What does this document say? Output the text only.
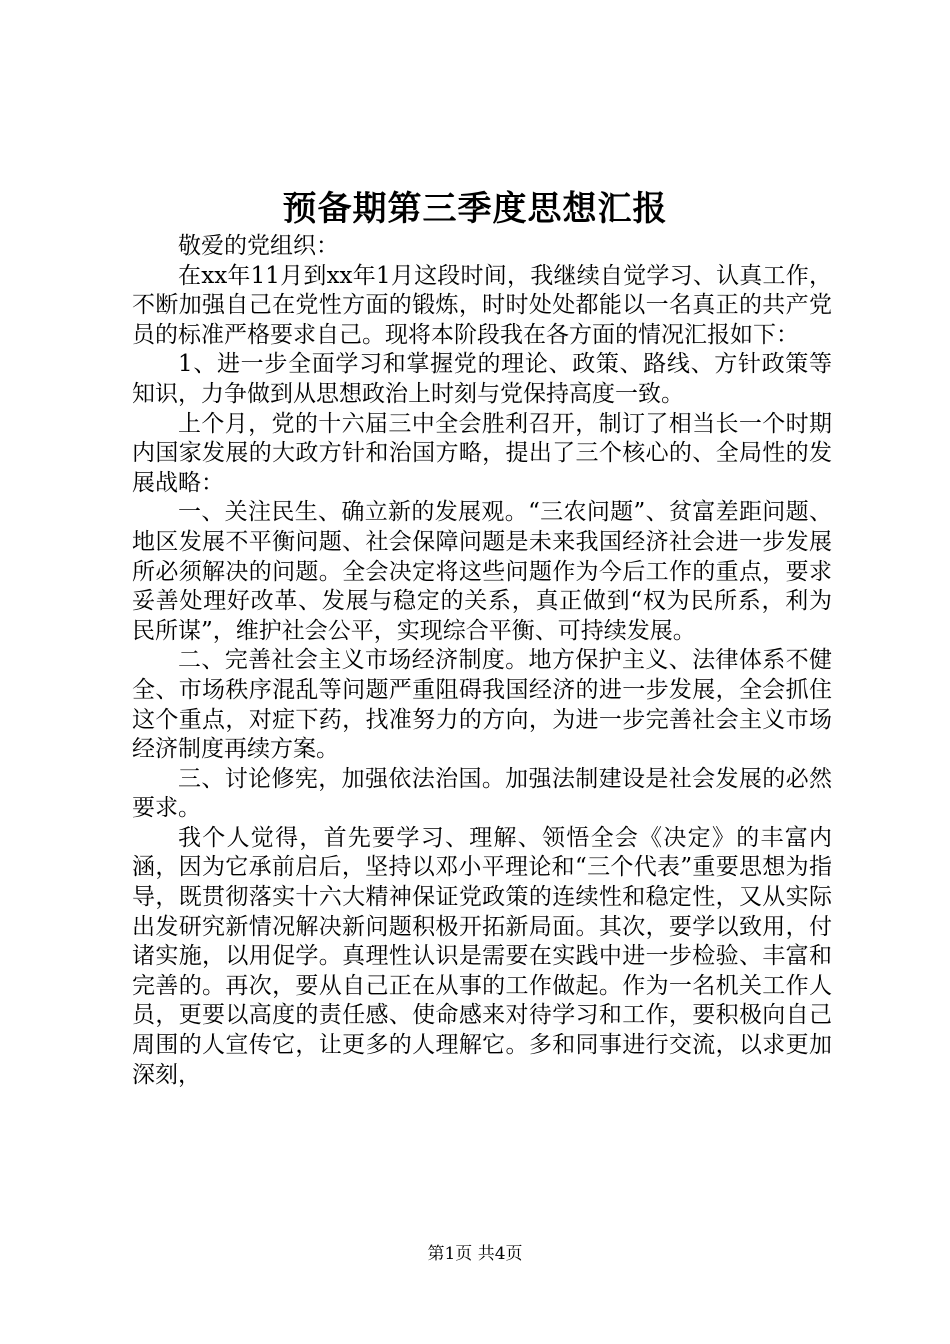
预备期第三季度思想汇报

敬爱的党组织：

在xx年11月到xx年1月这段时间，我继续自觉学习、认真工作，不断加强自己在党性方面的锻炼，时时处处都能以一名真正的共产党员的标准严格要求自己。现将本阶段我在各方面的情况汇报如下：

1、进一步全面学习和掌握党的理论、政策、路线、方针政策等知识，力争做到从思想政治上时刻与党保持高度一致。

上个月，党的十六届三中全会胜利召开，制订了相当长一个时期内国家发展的大政方针和治国方略，提出了三个核心的、全局性的发展战略：

一、关注民生、确立新的发展观。“三农问题”、贫富差距问题、地区发展不平衡问题、社会保障问题是未来我国经济社会进一步发展所必须解决的问题。全会决定将这些问题作为今后工作的重点，要求妥善处理好改革、发展与稳定的关系，真正做到“权为民所系，利为民所谋”，维护社会公平，实现综合平衡、可持续发展。

二、完善社会主义市场经济制度。地方保护主义、法律体系不健全、市场秩序混乱等问题严重阻碍我国经济的进一步发展，全会抓住这个重点，对症下药，找准努力的方向，为进一步完善社会主义市场经济制度再续方案。

三、讨论修宪，加强依法治国。加强法制建设是社会发展的必然要求。

我个人觉得，首先要学习、理解、领悟全会《决定》的丰富内涵，因为它承前启后，坚持以邓小平理论和“三个代表”重要思想为指导，既贯彻落实十六大精神保证党政策的连续性和稳定性，又从实际出发研究新情况解决新问题积极开拓新局面。其次，要学以致用，付诸实施，以用促学。真理性认识是需要在实践中进一步检验、丰富和完善的。再次，要从自己正在从事的工作做起。作为一名机关工作人员，更要以高度的责任感、使命感来对待学习和工作，要积极向自己周围的人宣传它，让更多的人理解它。多和同事进行交流，以求更加深刻，

第1页 共4页
